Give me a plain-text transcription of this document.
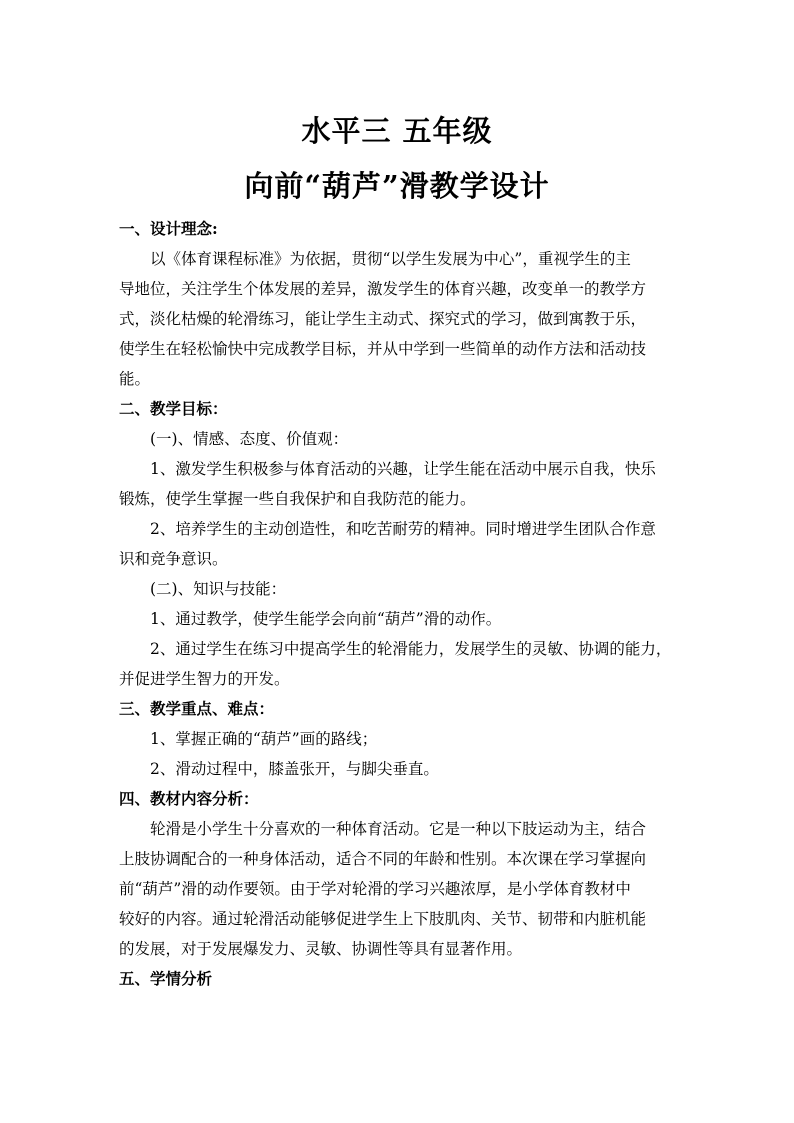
水平三 五年级
向前“葫芦”滑教学设计
一、设计理念:
以《体育课程标准》为依据，贯彻“以学生发展为中心”，重视学生的主
导地位，关注学生个体发展的差异，激发学生的体育兴趣，改变单一的教学方
式，淡化枯燥的轮滑练习，能让学生主动式、探究式的学习，做到寓教于乐，
使学生在轻松愉快中完成教学目标，并从中学到一些简单的动作方法和活动技
能。
二、教学目标：
(一)、情感、态度、价值观：
1、激发学生积极参与体育活动的兴趣，让学生能在活动中展示自我，快乐
锻炼，使学生掌握一些自我保护和自我防范的能力。
2、培养学生的主动创造性，和吃苦耐劳的精神。同时增进学生团队合作意
识和竞争意识。
(二)、知识与技能：
1、通过教学，使学生能学会向前“葫芦”滑的动作。
2、通过学生在练习中提高学生的轮滑能力，发展学生的灵敏、协调的能力，
并促进学生智力的开发。
三、教学重点、难点：
1、掌握正确的“葫芦”画的路线；
2、滑动过程中，膝盖张开，与脚尖垂直。
四、教材内容分析：
轮滑是小学生十分喜欢的一种体育活动。它是一种以下肢运动为主，结合
上肢协调配合的一种身体活动，适合不同的年龄和性别。本次课在学习掌握向
前“葫芦”滑的动作要领。由于学对轮滑的学习兴趣浓厚，是小学体育教材中
较好的内容。通过轮滑活动能够促进学生上下肢肌肉、关节、韧带和内脏机能
的发展，对于发展爆发力、灵敏、协调性等具有显著作用。
五、学情分析
